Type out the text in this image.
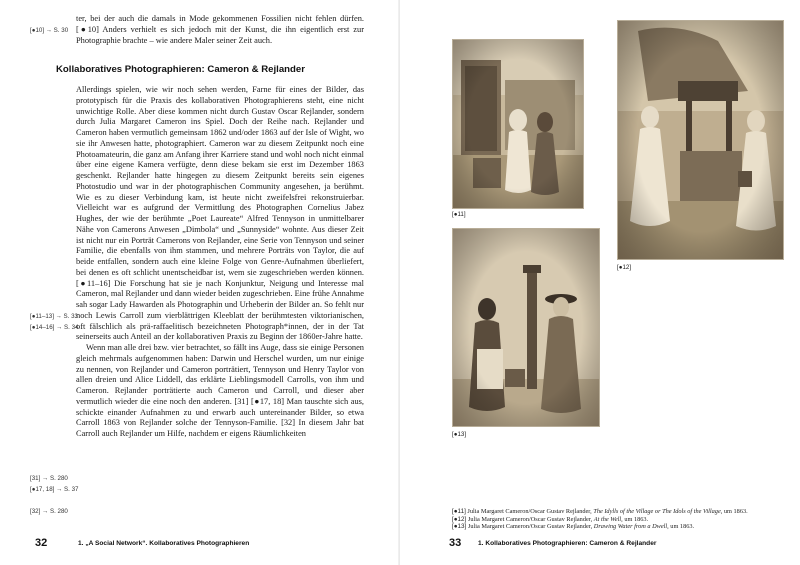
ter, bei der auch die damals in Mode gekommenen Fossilien nicht fehlen dürfen. [●10] Anders verhielt es sich jedoch mit der Kunst, die ihn eigentlich erst zur Photographie brachte – wie andere Maler seiner Zeit auch.

Kollaboratives Photographieren: Cameron & Rejlander

Allerdings spielen, wie wir noch sehen werden, Farne für eines der Bilder, das prototypisch für die Praxis des kollaborativen Photographierens steht, eine nicht unwichtige Rolle. Aber diese kommen nicht durch Gustav Oscar Rejlander, sondern durch Julia Margaret Cameron ins Spiel. Doch der Reihe nach. Rejlander und Cameron haben vermutlich gemeinsam 1862 und/oder 1863 auf der Isle of Wight, wo sie ihr Anwesen hatte, photographiert. Cameron war zu diesem Zeitpunkt noch eine Photoamateurin, die ganz am Anfang ihrer Karriere stand und wohl noch nicht einmal über eine eigene Kamera verfügte, denn diese bekam sie erst im Dezember 1863 geschenkt. Rejlander hatte hingegen zu diesem Zeitpunkt bereits sein eigenes Photostudio und war in der photographischen Community angesehen, ja berühmt. Wie es zu dieser Verbindung kam, ist heute nicht zweifelsfrei rekonstruierbar. Vielleicht war es aufgrund der Vermittlung des Photographen Cornelius Jabez Hughes, der wie der berühmte „Poet Laureate“ Alfred Tennyson in unmittelbarer Nähe von Camerons Anwesen „Dimbola“ und „Sunnyside“ wohnte. Aus dieser Zeit ist nicht nur ein Porträt Camerons von Rejlander, eine Serie von Tennyson und seiner Familie, die ebenfalls von ihm stammen, und mehrere Porträts von Taylor, die auf beide entfallen, sondern auch eine kleine Folge von Genre-Aufnahmen überliefert, bei denen es oft schlicht unentscheidbar ist, wem sie zugeschrieben werden können. [●11–16] Die Forschung hat sie je nach Konjunktur, Neigung und Interesse mal Cameron, mal Rejlander und dann wieder beiden zugeschrieben. Eine frühe Annahme sah sogar Lady Hawarden als Photographin und Urheberin der Bilder an. So fehlt nur noch Lewis Carroll zum vierblättrigen Kleeblatt der berühmtesten viktorianischen, oft fälschlich als prä-raffaelitisch bezeichneten Photograph*innen, der in der Tat seinerseits auch Anteil an der kollaborativen Praxis zu Beginn der 1860er-Jahre hatte.

Wenn man alle drei bzw. vier betrachtet, so fällt ins Auge, dass sie einige Personen gleich mehrmals aufgenommen haben: Darwin und Herschel wurden, um nur einige zu nennen, von Rejlander und Cameron porträtiert, Tennyson und Henry Taylor von allen dreien und Alice Liddell, das erklärte Lieblingsmodell Carrolls, von ihm und Cameron. Rejlander porträtierte auch Cameron und Carroll, und dieser aber vermutlich wieder die eine noch den anderen. [31] [●17, 18] Man tauschte sich aus, schickte einander Aufnahmen zu und erwarb auch untereinander Bilder, so etwa Carroll 1863 von Rejlander solche der Tennyson-Familie. [32] In diesem Jahr bat Carroll auch Rejlander um Hilfe, nachdem er eigens Räumlichkeiten

[●10] → S. 30
[●11–13] → S. 33
[●14–16] → S. 34
[31] → S. 280
[●17, 18] → S. 37
[32] → S. 280
32	1. „A Social Network“. Kollaboratives Photographieren
[●11]
[●12]
[●13]
[●11] Julia Margaret Cameron/Oscar Gustav Rejlander, The Idylls of the Village or The Idols of the Village, um 1863.
[●12] Julia Margaret Cameron/Oscar Gustav Rejlander, At the Well, um 1863.
[●13] Julia Margaret Cameron/Oscar Gustav Rejlander, Drawing Water from a Dwell, um 1863.
33	1. Kollaboratives Photographieren: Cameron & Rejlander
